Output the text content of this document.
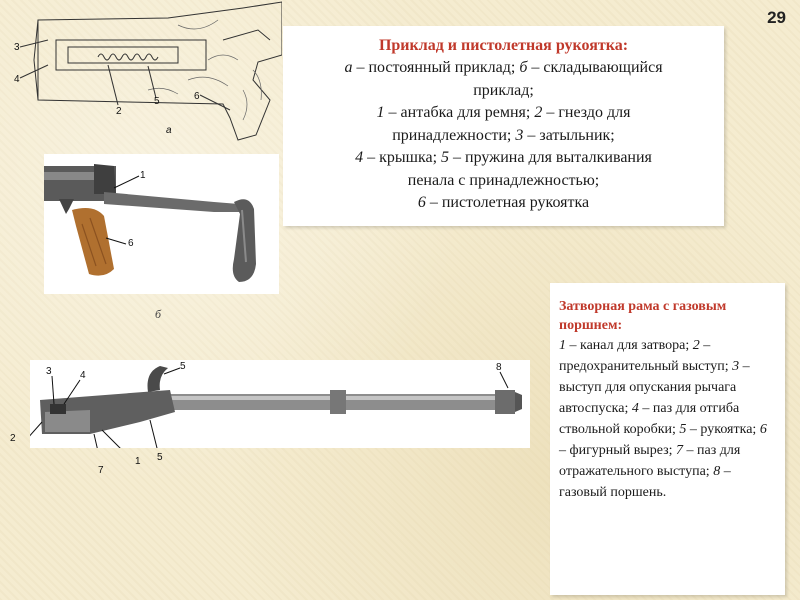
29
3
4
2
5	6
а
Приклад и пистолетная рукоятка:
а – постоянный приклад; б – складывающийся
приклад;
1 – антабка для ремня; 2 – гнездо для
принадлежности; 3 – затыльник;
4 – крышка; 5 – пружина для выталкивания
пенала с принадлежностью;
6 – пистолетная рукоятка
1
6
б
3	4
5	8
2
7
1 5
Затворная рама с газовым
поршнем:
1 – канал для затвора; 2 – предохранительный выступ; 3 – выступ для опускания рычага автоспуска; 4 – паз для отгиба ствольной коробки; 5 – рукоятка; 6 – фигурный вырез; 7 – паз для отражательного выступа; 8 – газовый поршень.
